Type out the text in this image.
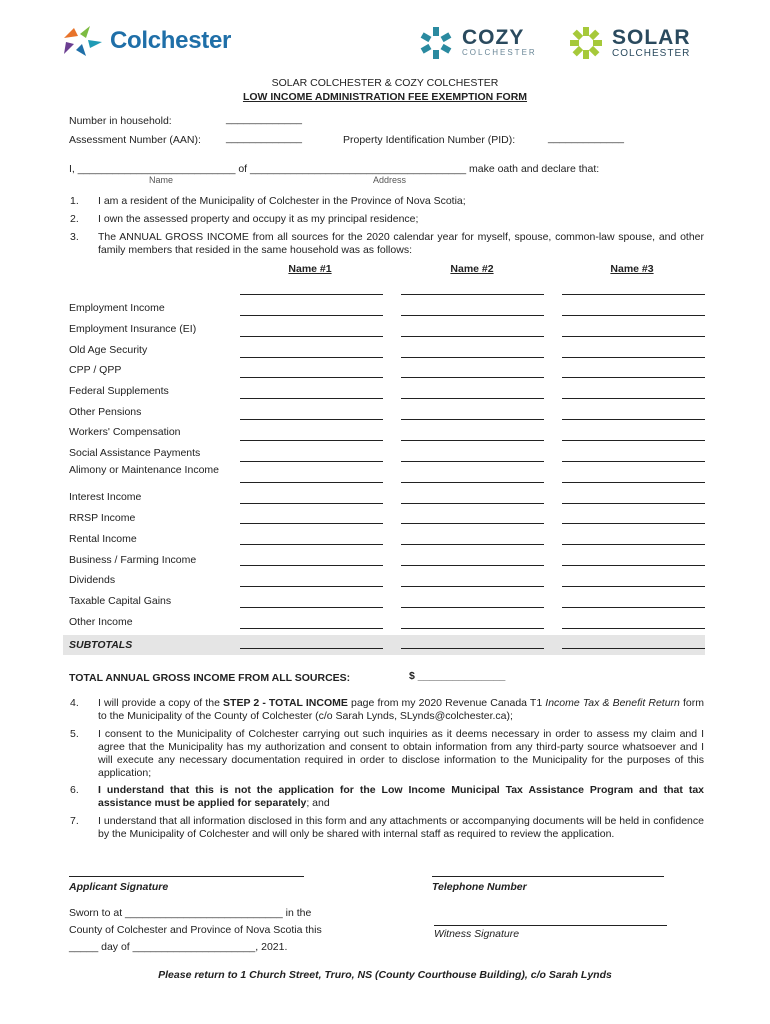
Colchester	COZY
COLCHESTER
SOLAR
COLCHESTER
SOLAR COLCHESTER & COZY COLCHESTER
LOW INCOME ADMINISTRATION FEE EXEMPTION FORM
Number in household:	_____________
Assessment Number (AAN): _____________	Property Identification Number (PID):	_____________
I, ___________________________ of _____________________________________ make oath and declare that:
Name	Address
1. I am a resident of the Municipality of Colchester in the Province of Nova Scotia;
2. I own the assessed property and occupy it as my principal residence;
3. The ANNUAL GROSS INCOME from all sources for the 2020 calendar year for myself, spouse, common-law spouse, and other family members that resided in the same household was as follows:
Name #1	Name #2	Name #3
Employment Income
Employment Insurance (EI)
Old Age Security
CPP / QPP
Federal Supplements
Other Pensions
Workers' Compensation
Social Assistance Payments
Alimony or Maintenance Income
Interest Income
RRSP Income
Rental Income
Business / Farming Income
Dividends
Taxable Capital Gains
Other Income
SUBTOTALS
TOTAL ANNUAL GROSS INCOME FROM ALL SOURCES:	$ _______________
4. I will provide a copy of the STEP 2 - TOTAL INCOME page from my 2020 Revenue Canada T1 Income Tax & Benefit Return form to the Municipality of the County of Colchester (c/o Sarah Lynds, SLynds@colchester.ca);
5. I consent to the Municipality of Colchester carrying out such inquiries as it deems necessary in order to assess my claim and I agree that the Municipality has my authorization and consent to obtain information from any third-party source whatsoever and I will execute any necessary documentation required in order to disclose information to the Municipality for the purposes of this application;
6. I understand that this is not the application for the Low Income Municipal Tax Assistance Program and that tax assistance must be applied for separately; and
7. I understand that all information disclosed in this form and any attachments or accompanying documents will be held in confidence by the Municipality of Colchester and will only be shared with internal staff as required to review the application.
Applicant Signature	Telephone Number
Sworn to at ___________________________ in the
County of Colchester and Province of Nova Scotia this
_____ day of _____________________, 2021.
Witness Signature
Please return to 1 Church Street, Truro, NS (County Courthouse Building), c/o Sarah Lynds
